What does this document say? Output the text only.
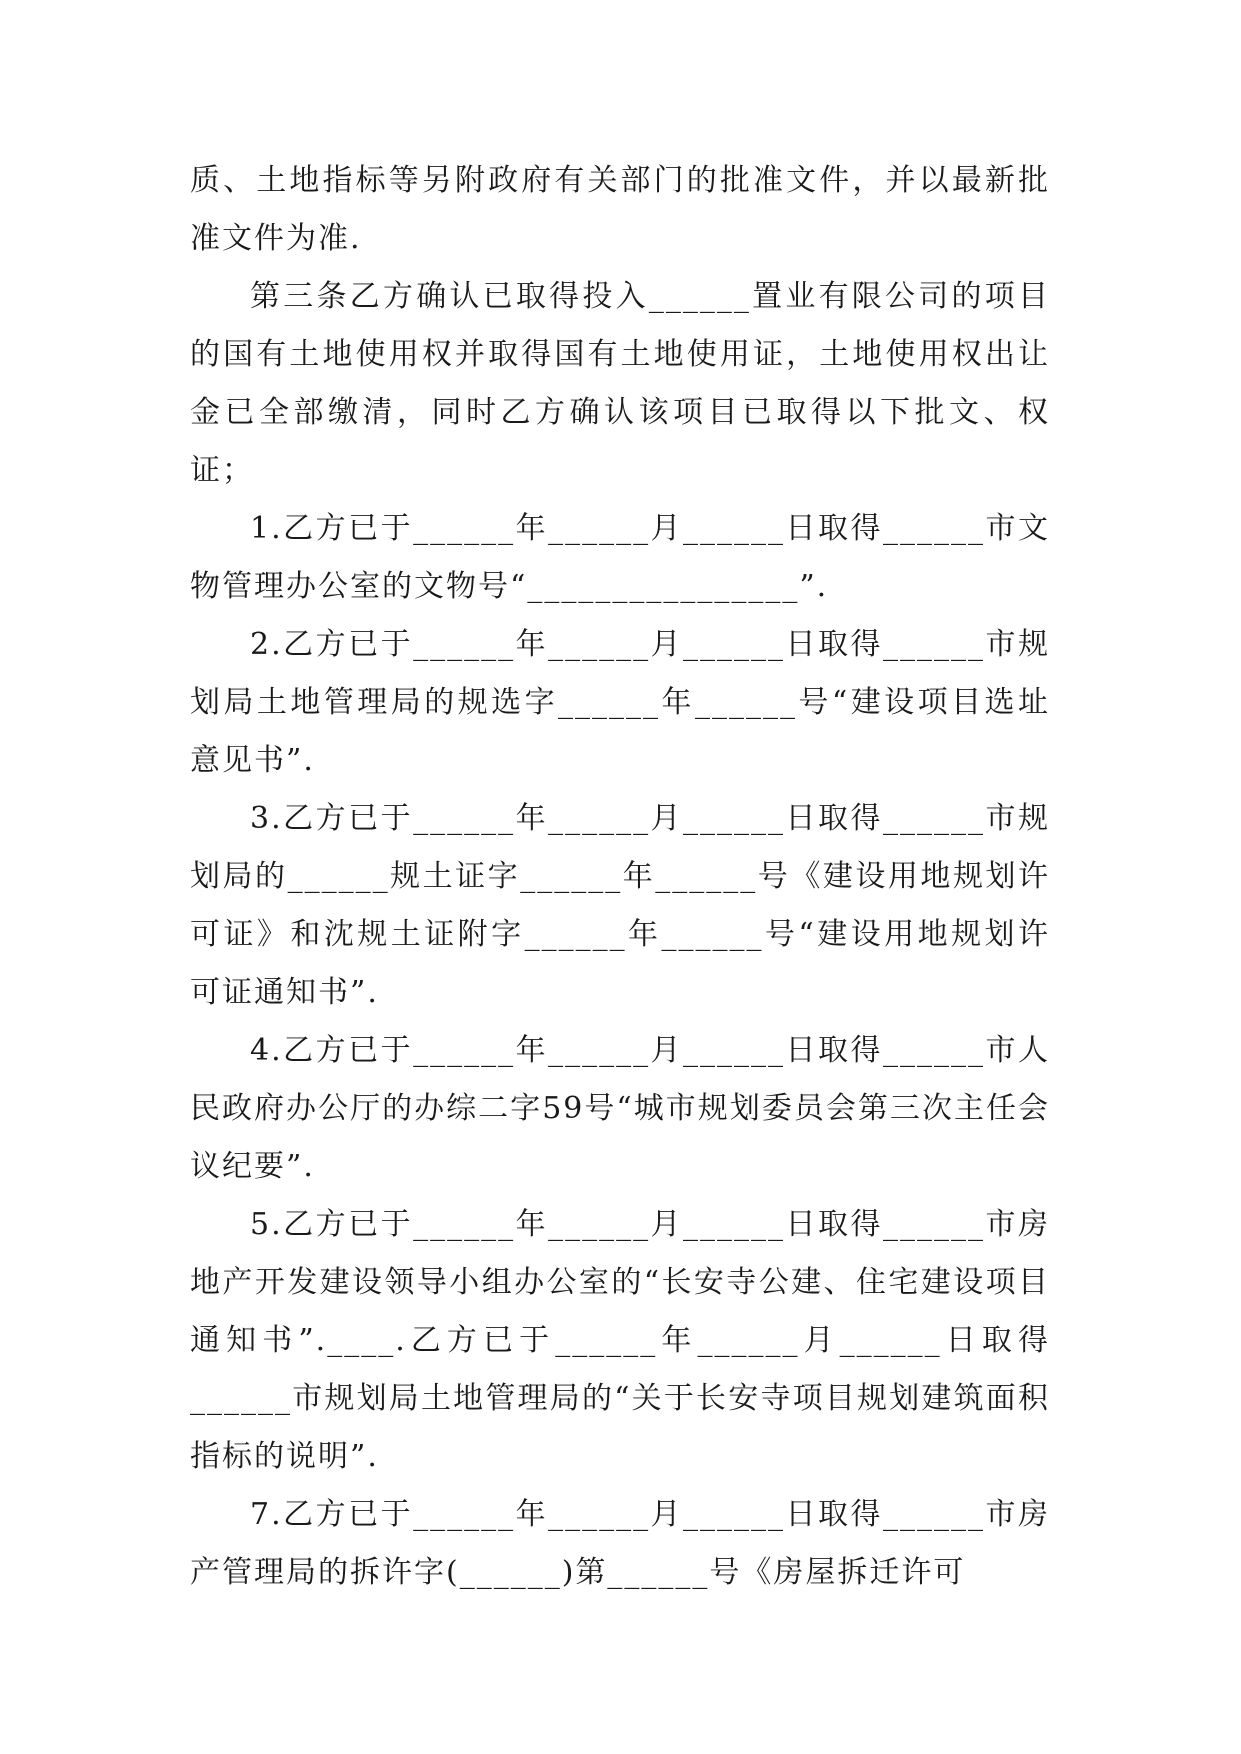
质、土地指标等另附政府有关部门的批准文件，并以最新批准文件为准.

第三条乙方确认已取得投入______置业有限公司的项目的国有土地使用权并取得国有土地使用证，土地使用权出让金已全部缴清，同时乙方确认该项目已取得以下批文、权证；

1.乙方已于______年______月______日取得______市文物管理办公室的文物号“________________”.

2.乙方已于______年______月______日取得______市规划局土地管理局的规选字______年______号“建设项目选址意见书”.

3.乙方已于______年______月______日取得______市规划局的______规土证字______年______号《建设用地规划许可证》和沈规土证附字______年______号“建设用地规划许可证通知书”.

4.乙方已于______年______月______日取得______市人民政府办公厅的办综二字59号“城市规划委员会第三次主任会议纪要”.

5.乙方已于______年______月______日取得______市房地产开发建设领导小组办公室的“长安寺公建、住宅建设项目通知书”.____.乙方已于______年______月______日取得______市规划局土地管理局的“关于长安寺项目规划建筑面积指标的说明”.

7.乙方已于______年______月______日取得______市房产管理局的拆许字(______)第______号《房屋拆迁许可
